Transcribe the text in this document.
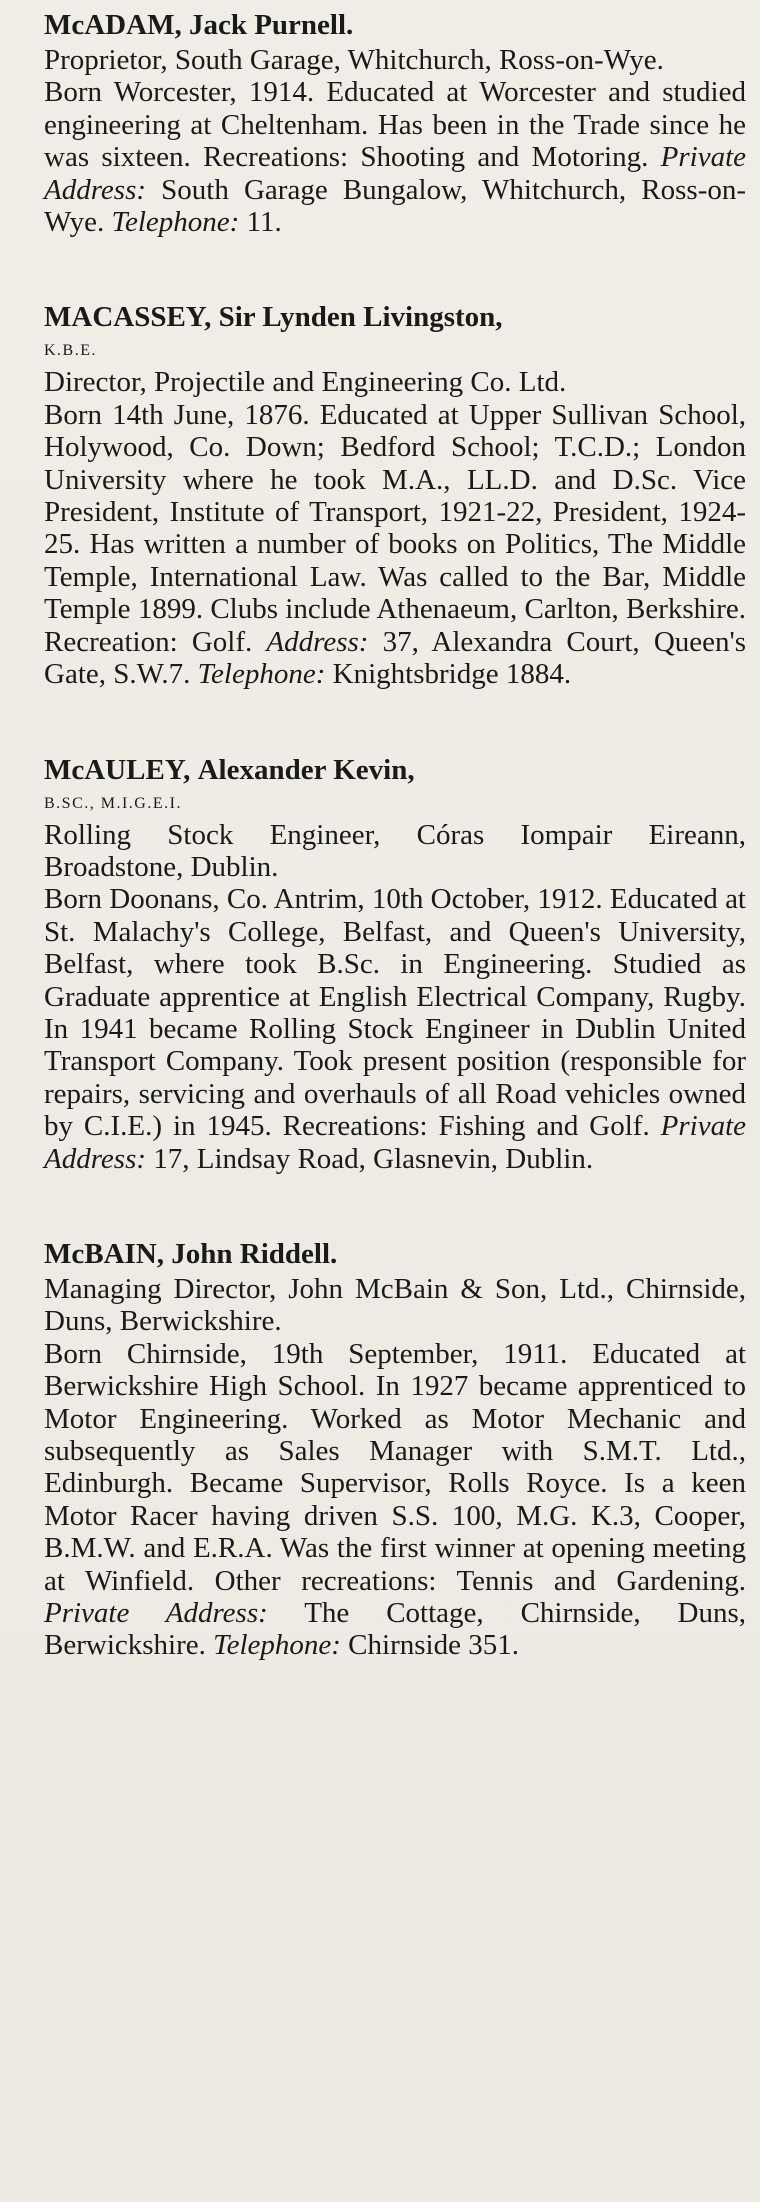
McADAM, Jack Purnell.

Proprietor, South Garage, Whitchurch, Ross-on-Wye.

Born Worcester, 1914. Educated at Worcester and studied engineering at Cheltenham. Has been in the Trade since he was sixteen. Recreations: Shooting and Motoring. Private Address: South Garage Bungalow, Whitchurch, Ross-on-Wye. Telephone: 11.

MACASSEY, Sir Lynden Livingston,

K.B.E.

Director, Projectile and Engineering Co. Ltd.

Born 14th June, 1876. Educated at Upper Sullivan School, Holywood, Co. Down; Bedford School; T.C.D.; London University where he took M.A., LL.D. and D.Sc. Vice President, Institute of Transport, 1921-22, President, 1924-25. Has written a number of books on Politics, The Middle Temple, International Law. Was called to the Bar, Middle Temple 1899. Clubs include Athenaeum, Carlton, Berkshire. Recreation: Golf. Address: 37, Alexandra Court, Queen's Gate, S.W.7. Telephone: Knightsbridge 1884.

McAULEY, Alexander Kevin,

B.SC., M.I.G.E.I.

Rolling Stock Engineer, Córas Iompair Eireann, Broadstone, Dublin.

Born Doonans, Co. Antrim, 10th October, 1912. Educated at St. Malachy's College, Belfast, and Queen's University, Belfast, where took B.Sc. in Engineering. Studied as Graduate apprentice at English Electrical Company, Rugby. In 1941 became Rolling Stock Engineer in Dublin United Transport Company. Took present position (responsible for repairs, servicing and overhauls of all Road vehicles owned by C.I.E.) in 1945. Recreations: Fishing and Golf. Private Address: 17, Lindsay Road, Glasnevin, Dublin.

McBAIN, John Riddell.

Managing Director, John McBain & Son, Ltd., Chirnside, Duns, Berwickshire.

Born Chirnside, 19th September, 1911. Educated at Berwickshire High School. In 1927 became apprenticed to Motor Engineering. Worked as Motor Mechanic and subsequently as Sales Manager with S.M.T. Ltd., Edinburgh. Became Supervisor, Rolls Royce. Is a keen Motor Racer having driven S.S. 100, M.G. K.3, Cooper, B.M.W. and E.R.A. Was the first winner at opening meeting at Winfield. Other recreations: Tennis and Gardening. Private Address: The Cottage, Chirnside, Duns, Berwickshire. Telephone: Chirnside 351.
